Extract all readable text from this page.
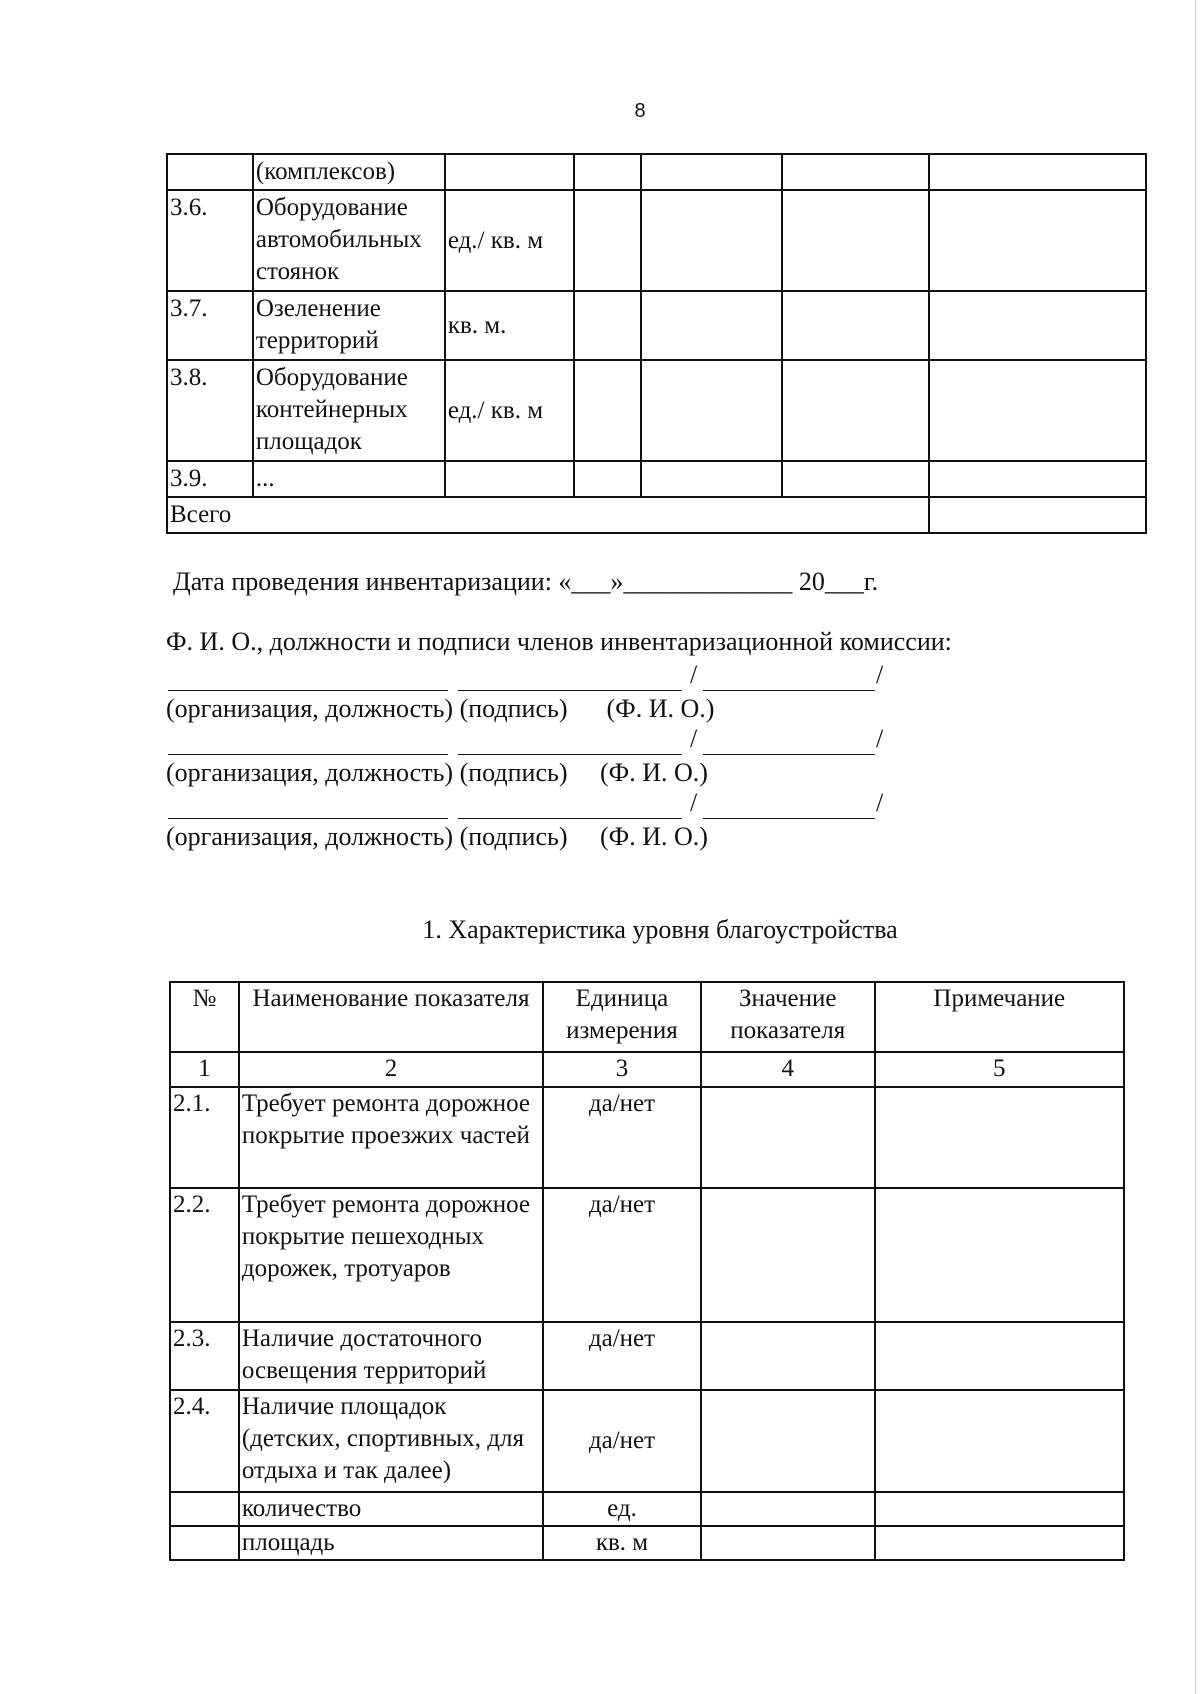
8
	(комплексов)					
3.6.	Оборудование автомобильных стоянок	ед./ кв. м				
3.7.	Озеленение территорий	кв. м.				
3.8.	Оборудование контейнерных площадок	ед./ кв. м				
3.9.	...					
Всего						
Дата проведения инвентаризации: «___»_____________ 20___г.
Ф. И. О., должности и подписи членов инвентаризационной комиссии:
/	/
(организация, должность) (подпись)      (Ф. И. О.)
/	/
(организация, должность) (подпись)     (Ф. И. О.)
/	/
(организация, должность) (подпись)     (Ф. И. О.)
1. Характеристика уровня благоустройства
№	Наименование показателя	Единица измерения	Значение показателя	Примечание
1	2	3	4	5
2.1.	Требует ремонта дорожное покрытие проезжих частей	да/нет		
2.2.	Требует ремонта дорожное покрытие пешеходных дорожек, тротуаров	да/нет		
2.3.	Наличие достаточного освещения территорий	да/нет		
2.4.	Наличие площадок (детских, спортивных, для отдыха и так далее)	да/нет		
	количество	ед.		
	площадь	кв. м		
